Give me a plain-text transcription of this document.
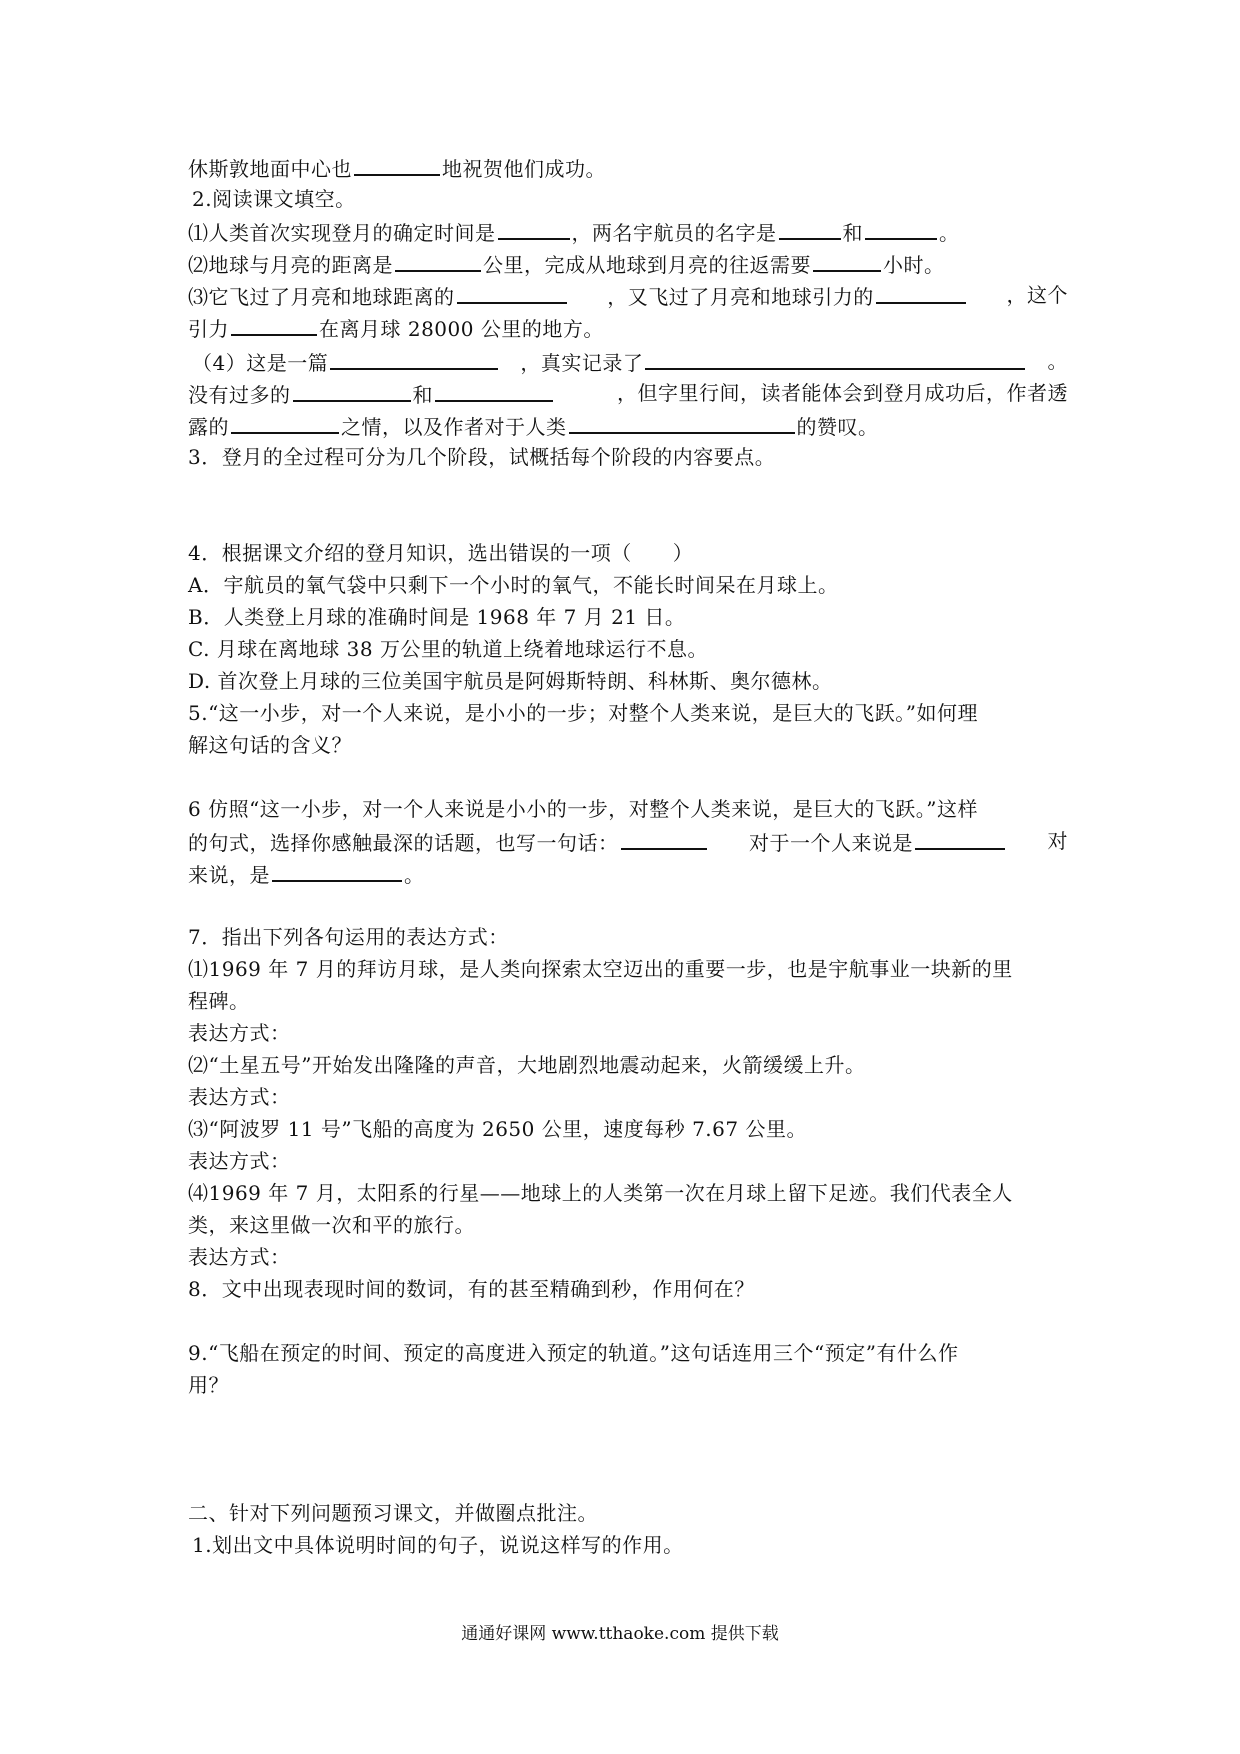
休斯敦地面中心也	地祝贺他们成功。

2.阅读课文填空。

⑴人类首次实现登月的确定时间是	，两名宇航员的名字是	和	。

⑵地球与月亮的距离是	公里，完成从地球到月亮的往返需要	小时。

⑶它飞过了月亮和地球距离的	，又飞过了月亮和地球引力的	，这个

引力	在离月球 28000 公里的地方。

（4）这是一篇	，真实记录了	。

没有过多的	和	，但字里行间，读者能体会到登月成功后，作者透

露的	之情，以及作者对于人类	的赞叹。

3．登月的全过程可分为几个阶段，试概括每个阶段的内容要点。

4．根据课文介绍的登月知识，选出错误的一项（　　）

A．宇航员的氧气袋中只剩下一个小时的氧气，不能长时间呆在月球上。

B．人类登上月球的准确时间是 1968 年 7 月 21 日。

C. 月球在离地球 38 万公里的轨道上绕着地球运行不息。

D. 首次登上月球的三位美国宇航员是阿姆斯特朗、科林斯、奥尔德林。

5.“这一小步，对一个人来说，是小小的一步；对整个人类来说，是巨大的飞跃。”如何理

解这句话的含义？

6 仿照“这一小步，对一个人来说是小小的一步，对整个人类来说，是巨大的飞跃。”这样

的句式，选择你感触最深的话题，也写一句话：	对于一个人来说是	对

来说，是	。

7．指出下列各句运用的表达方式：

⑴1969 年 7 月的拜访月球，是人类向探索太空迈出的重要一步，也是宇航事业一块新的里

程碑。

表达方式：

⑵“土星五号”开始发出隆隆的声音，大地剧烈地震动起来，火箭缓缓上升。

表达方式：

⑶“阿波罗 11 号”飞船的高度为 2650 公里，速度每秒 7.67 公里。

表达方式：

⑷1969 年 7 月，太阳系的行星——地球上的人类第一次在月球上留下足迹。我们代表全人

类，来这里做一次和平的旅行。

表达方式：

8．文中出现表现时间的数词，有的甚至精确到秒，作用何在？

9.“飞船在预定的时间、预定的高度进入预定的轨道。”这句话连用三个“预定”有什么作

用？

二、针对下列问题预习课文，并做圈点批注。

1.划出文中具体说明时间的句子，说说这样写的作用。

通通好课网 www.tthaoke.com 提供下载
